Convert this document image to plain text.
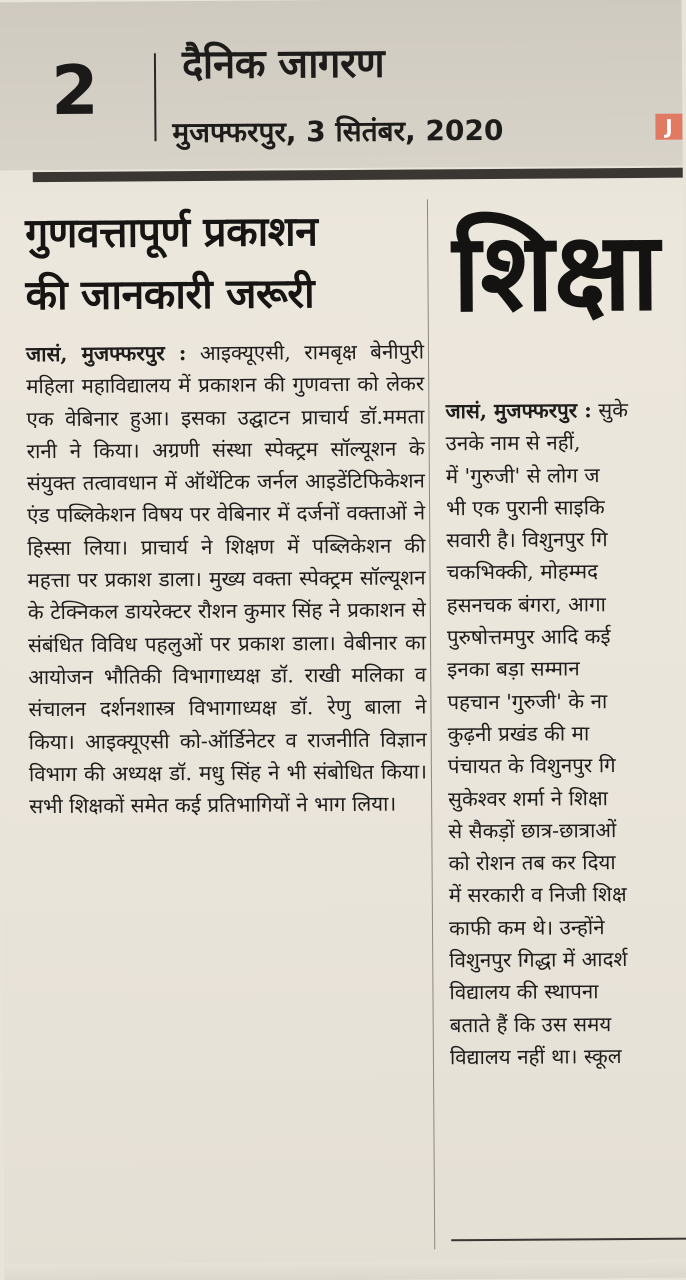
2 दैनिक जागरण
मुजफ्फरपुर, 3 सितंबर, 2020	J
गुणवत्तापूर्ण प्रकाशन
की जानकारी जरूरी

जासं, मुजफ्फरपुर : आइक्यूएसी, रामबृक्ष बेनीपुरी महिला महाविद्यालय में प्रकाशन की गुणवत्ता को लेकर एक वेबिनार हुआ। इसका उद्घाटन प्राचार्य डॉ.ममता रानी ने किया। अग्रणी संस्था स्पेक्ट्रम सॉल्यूशन के संयुक्त तत्वावधान में ऑथेंटिक जर्नल आइडेंटिफिकेशन एंड पब्लिकेशन विषय पर वेबिनार में दर्जनों वक्ताओं ने हिस्सा लिया। प्राचार्य ने शिक्षण में पब्लिकेशन की महत्ता पर प्रकाश डाला। मुख्य वक्ता स्पेक्ट्रम सॉल्यूशन के टेक्निकल डायरेक्टर रौशन कुमार सिंह ने प्रकाशन से संबंधित विविध पहलुओं पर प्रकाश डाला। वेबीनार का आयोजन भौतिकी विभागाध्यक्ष डॉ. राखी मलिका व संचालन दर्शनशास्त्र विभागाध्यक्ष डॉ. रेणु बाला ने किया। आइक्यूएसी को-ऑर्डिनेटर व राजनीति विज्ञान विभाग की अध्यक्ष डॉ. मधु सिंह ने भी संबोधित किया। सभी शिक्षकों समेत कई प्रतिभागियों ने भाग लिया।

शिक्षा
जासं, मुजफ्फरपुर : सुके
उनके नाम से नहीं,
में 'गुरुजी' से लोग ज
भी एक पुरानी साइकि
सवारी है। विशुनपुर गि
चकभिक्की, मोहम्मद
हसनचक बंगरा, आगा
पुरुषोत्तमपुर आदि कई
इनका बड़ा सम्मान
पहचान 'गुरुजी' के ना
कुढ़नी प्रखंड की मा
पंचायत के विशुनपुर गि
सुकेश्वर शर्मा ने शिक्षा
से सैकड़ों छात्र-छात्राओं
को रोशन तब कर दिया
में सरकारी व निजी शिक्ष
काफी कम थे। उन्होंने
विशुनपुर गिद्धा में आदर्श
विद्यालय की स्थापना
बताते हैं कि उस समय
विद्यालय नहीं था। स्कूल
